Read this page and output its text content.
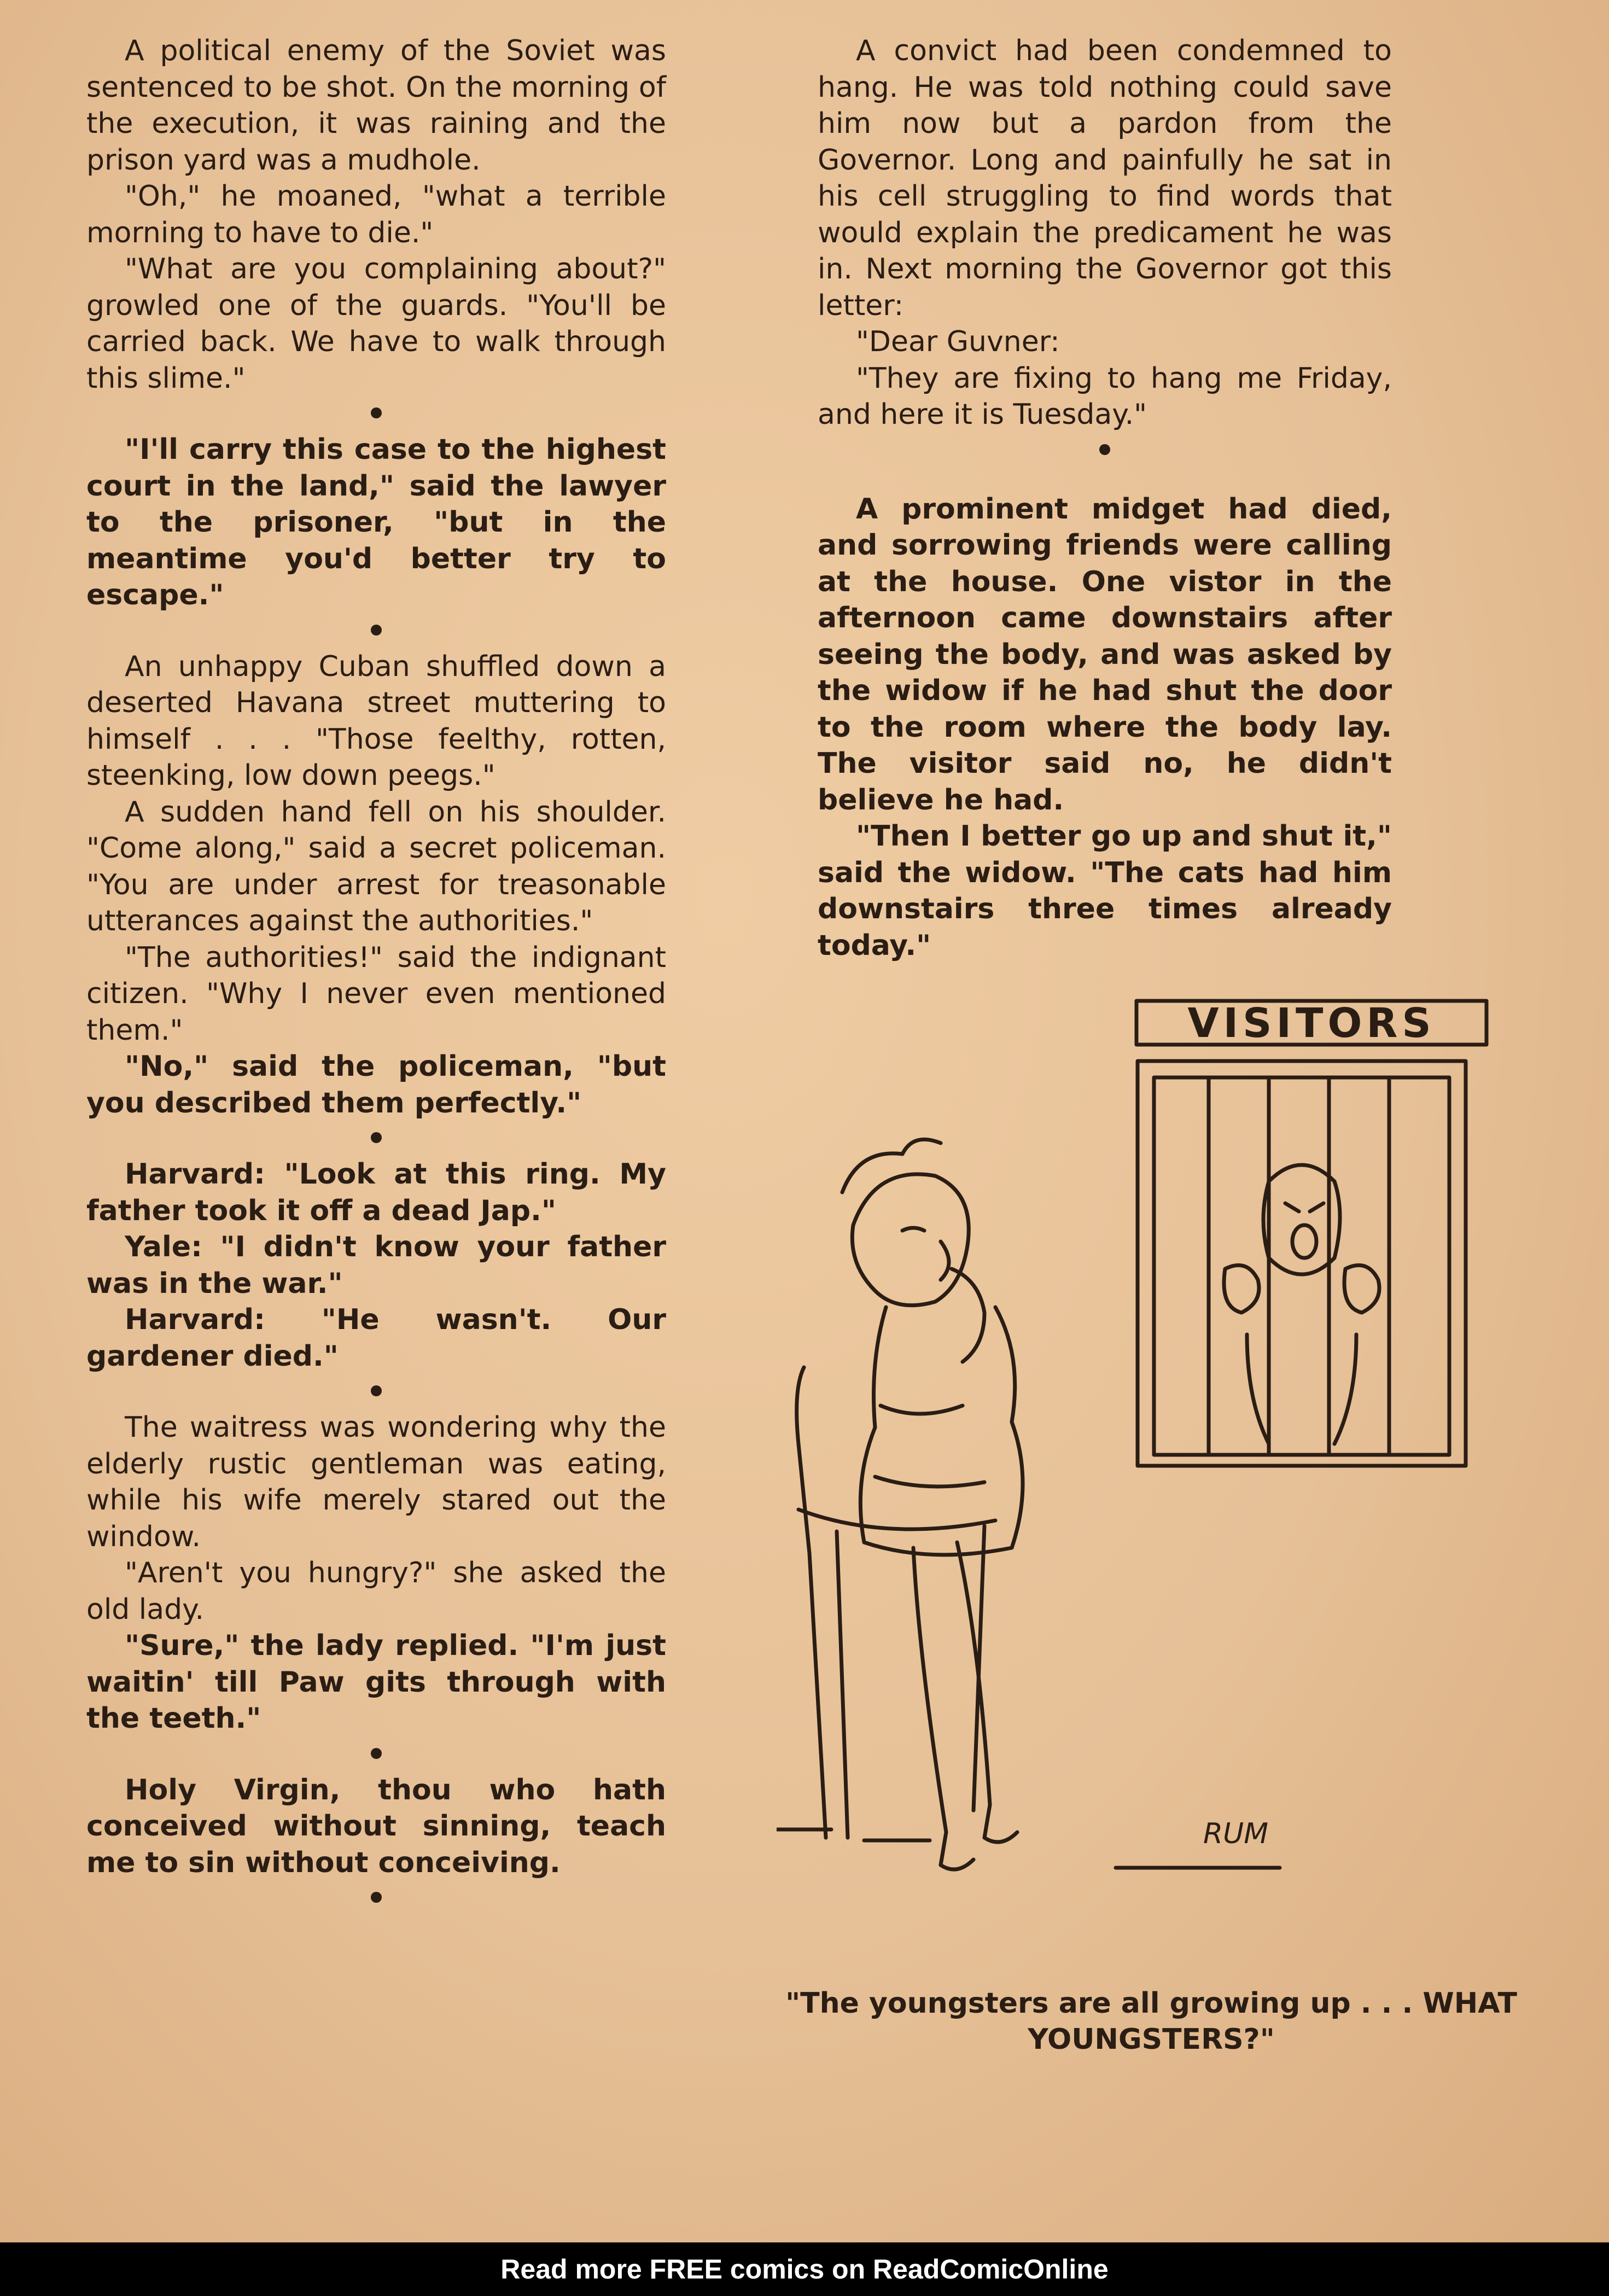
A political enemy of the Soviet was sentenced to be shot. On the morning of the execution, it was raining and the prison yard was a mudhole.

"Oh," he moaned, "what a terrible morning to have to die."

"What are you complaining about?" growled one of the guards. "You'll be carried back. We have to walk through this slime."

"I'll carry this case to the highest court in the land," said the lawyer to the prisoner, "but in the meantime you'd better try to escape."

An unhappy Cuban shuffled down a deserted Havana street muttering to himself . . . "Those feelthy, rotten, steenking, low down peegs."

A sudden hand fell on his shoulder. "Come along," said a secret policeman. "You are under arrest for treasonable utterances against the authorities."

"The authorities!" said the indignant citizen. "Why I never even mentioned them."

"No," said the policeman, "but you described them perfectly."

Harvard: "Look at this ring. My father took it off a dead Jap."

Yale: "I didn't know your father was in the war."

Harvard: "He wasn't. Our gardener died."

The waitress was wondering why the elderly rustic gentleman was eating, while his wife merely stared out the window.

"Aren't you hungry?" she asked the old lady.

"Sure," the lady replied. "I'm just waitin' till Paw gits through with the teeth."

Holy Virgin, thou who hath conceived without sinning, teach me to sin without conceiving.

A convict had been condemned to hang. He was told nothing could save him now but a pardon from the Governor. Long and painfully he sat in his cell struggling to find words that would explain the predicament he was in. Next morning the Governor got this letter:

"Dear Guvner:

"They are fixing to hang me Friday, and here it is Tuesday."

A prominent midget had died, and sorrowing friends were calling at the house. One vistor in the afternoon came downstairs after seeing the body, and was asked by the widow if he had shut the door to the room where the body lay. The visitor said no, he didn't believe he had.

"Then I better go up and shut it," said the widow. "The cats had him downstairs three times already today."

VISITORS
RUM
"The youngsters are all growing up . . . WHAT YOUNGSTERS?"
Read more FREE comics on ReadComicOnline
